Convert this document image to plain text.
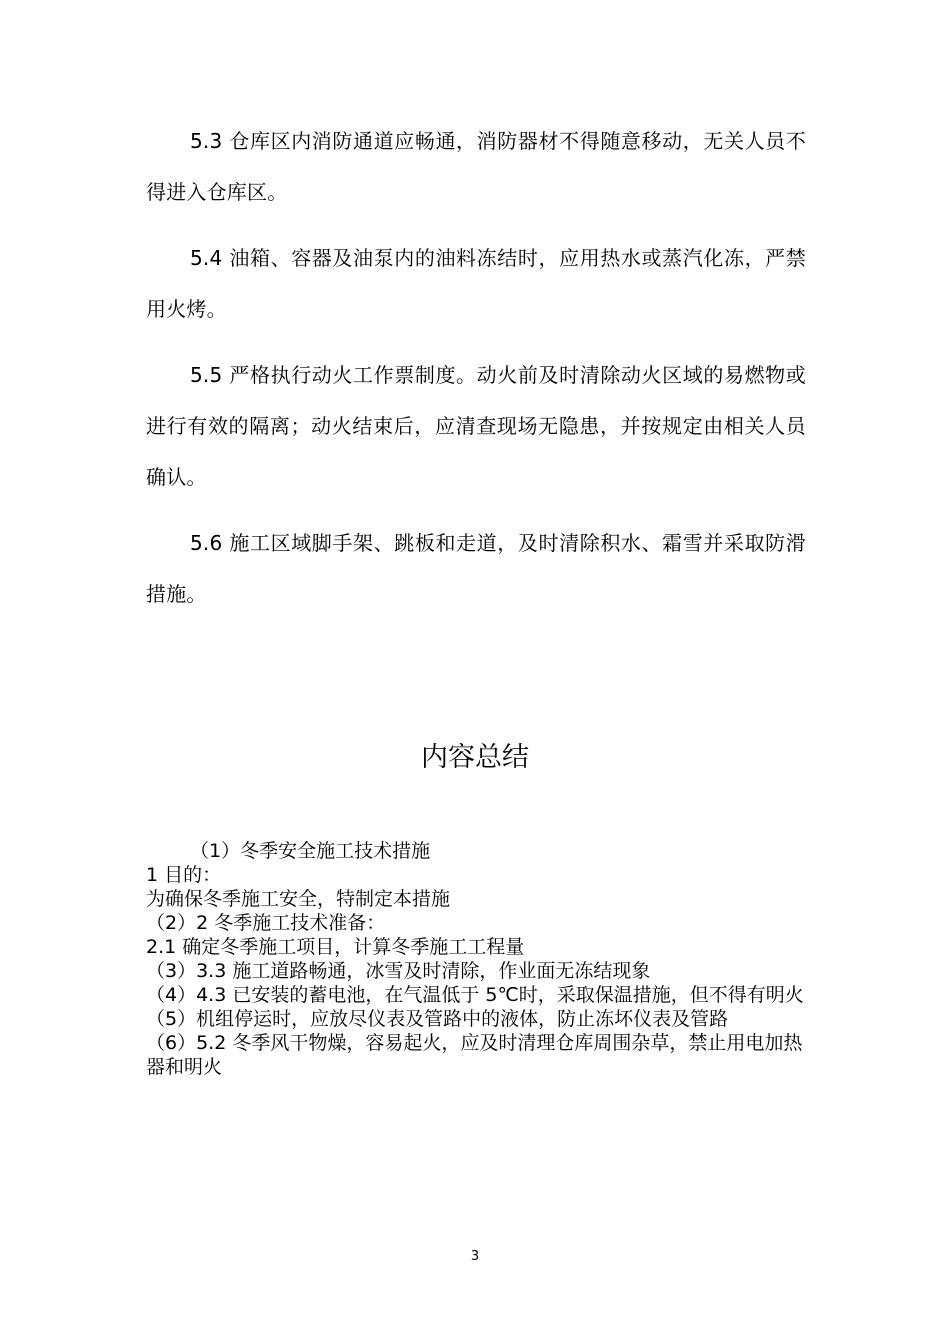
5.3 仓库区内消防通道应畅通，消防器材不得随意移动，无关人员不得进入仓库区。

5.4 油箱、容器及油泵内的油料冻结时，应用热水或蒸汽化冻，严禁用火烤。

5.5 严格执行动火工作票制度。动火前及时清除动火区域的易燃物或进行有效的隔离；动火结束后，应清查现场无隐患，并按规定由相关人员确认。

5.6 施工区域脚手架、跳板和走道，及时清除积水、霜雪并采取防滑措施。

内容总结

（1）冬季安全施工技术措施

1 目的：

为确保冬季施工安全，特制定本措施

（2）2 冬季施工技术准备：

2.1 确定冬季施工项目，计算冬季施工工程量

（3）3.3 施工道路畅通，冰雪及时清除，作业面无冻结现象

（4）4.3 已安装的蓄电池，在气温低于 5℃时，采取保温措施，但不得有明火

（5）机组停运时，应放尽仪表及管路中的液体，防止冻坏仪表及管路

（6）5.2 冬季风干物燥，容易起火，应及时清理仓库周围杂草，禁止用电加热器和明火

3
